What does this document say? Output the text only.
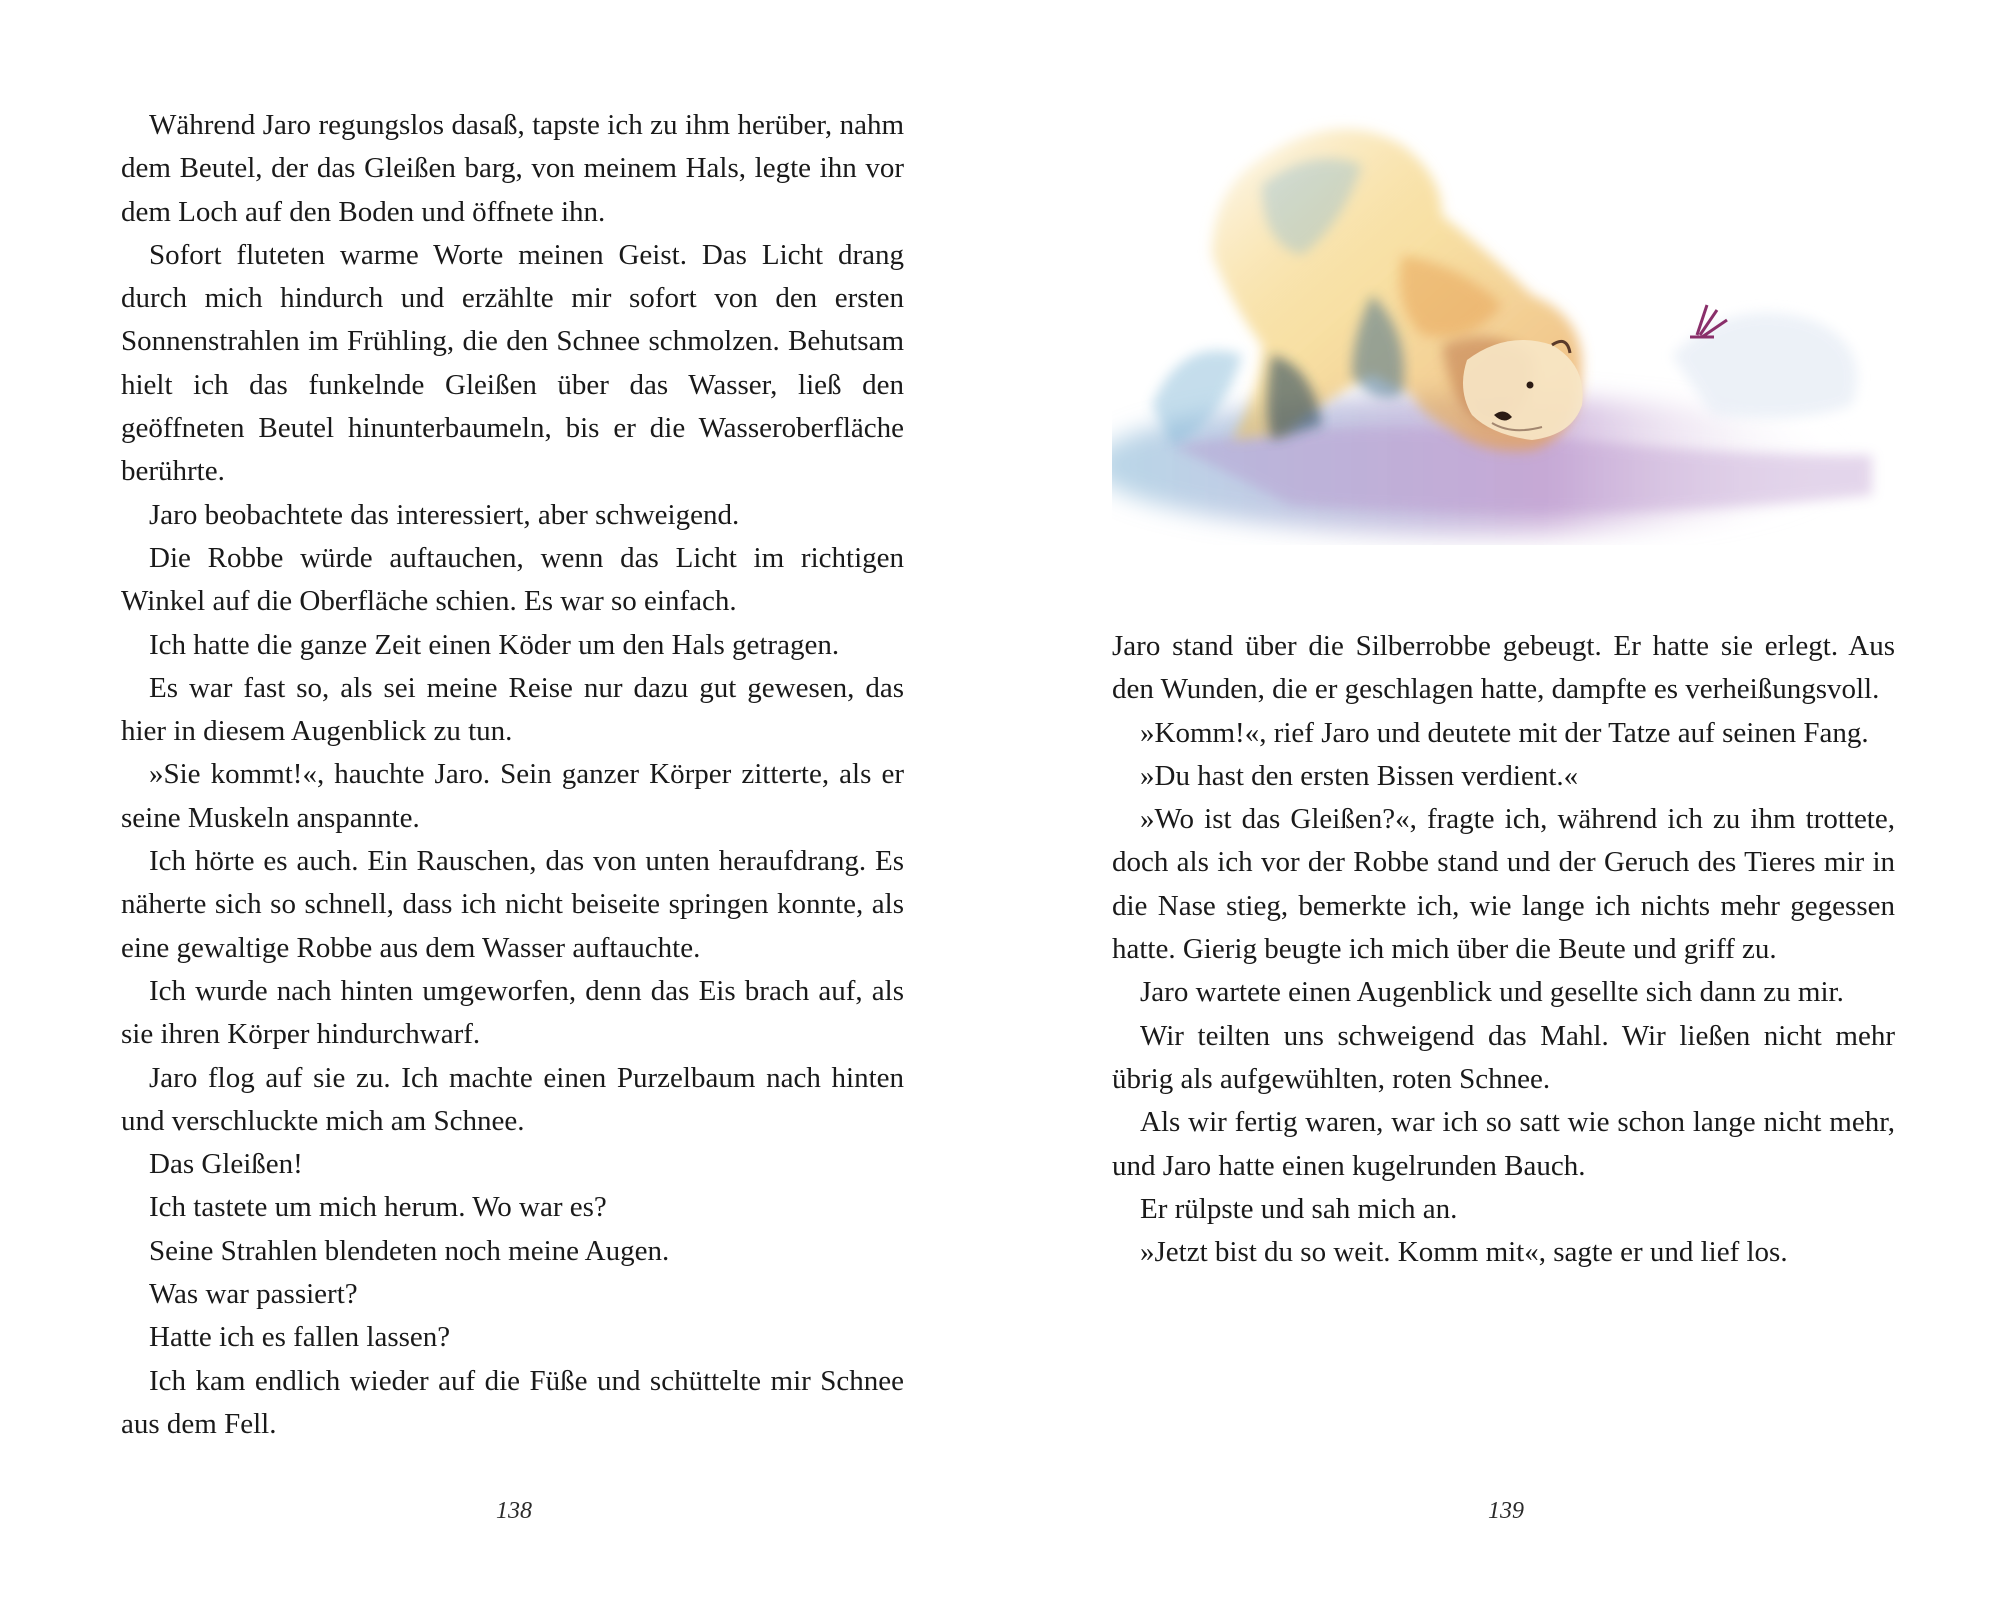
Während Jaro regungslos dasaß, tapste ich zu ihm herüber, nahm dem Beutel, der das Gleißen barg, von meinem Hals, legte ihn vor dem Loch auf den Boden und öffnete ihn.

Sofort fluteten warme Worte meinen Geist. Das Licht drang durch mich hindurch und erzählte mir sofort von den ersten Sonnenstrahlen im Frühling, die den Schnee schmolzen. Behutsam hielt ich das funkelnde Gleißen über das Wasser, ließ den geöffneten Beutel hinunterbaumeln, bis er die Wasseroberfläche berührte.

Jaro beobachtete das interessiert, aber schweigend.

Die Robbe würde auftauchen, wenn das Licht im richtigen Winkel auf die Oberfläche schien. Es war so einfach.

Ich hatte die ganze Zeit einen Köder um den Hals getragen.

Es war fast so, als sei meine Reise nur dazu gut gewesen, das hier in diesem Augenblick zu tun.

»Sie kommt!«, hauchte Jaro. Sein ganzer Körper zitterte, als er seine Muskeln anspannte.

Ich hörte es auch. Ein Rauschen, das von unten heraufdrang. Es näherte sich so schnell, dass ich nicht beiseite springen konnte, als eine gewaltige Robbe aus dem Wasser auftauchte.

Ich wurde nach hinten umgeworfen, denn das Eis brach auf, als sie ihren Körper hindurchwarf.

Jaro flog auf sie zu. Ich machte einen Purzelbaum nach hinten und verschluckte mich am Schnee.

Das Gleißen!

Ich tastete um mich herum. Wo war es?

Seine Strahlen blendeten noch meine Augen.

Was war passiert?

Hatte ich es fallen lassen?

Ich kam endlich wieder auf die Füße und schüttelte mir Schnee aus dem Fell.

138

Jaro stand über die Silberrobbe gebeugt. Er hatte sie erlegt. Aus den Wunden, die er geschlagen hatte, dampfte es verheißungsvoll.

»Komm!«, rief Jaro und deutete mit der Tatze auf seinen Fang.

»Du hast den ersten Bissen verdient.«

»Wo ist das Gleißen?«, fragte ich, während ich zu ihm trottete, doch als ich vor der Robbe stand und der Geruch des Tieres mir in die Nase stieg, bemerkte ich, wie lange ich nichts mehr gegessen hatte. Gierig beugte ich mich über die Beute und griff zu.

Jaro wartete einen Augenblick und gesellte sich dann zu mir.

Wir teilten uns schweigend das Mahl. Wir ließen nicht mehr übrig als aufgewühlten, roten Schnee.

Als wir fertig waren, war ich so satt wie schon lange nicht mehr, und Jaro hatte einen kugelrunden Bauch.

Er rülpste und sah mich an.

»Jetzt bist du so weit. Komm mit«, sagte er und lief los.

139
